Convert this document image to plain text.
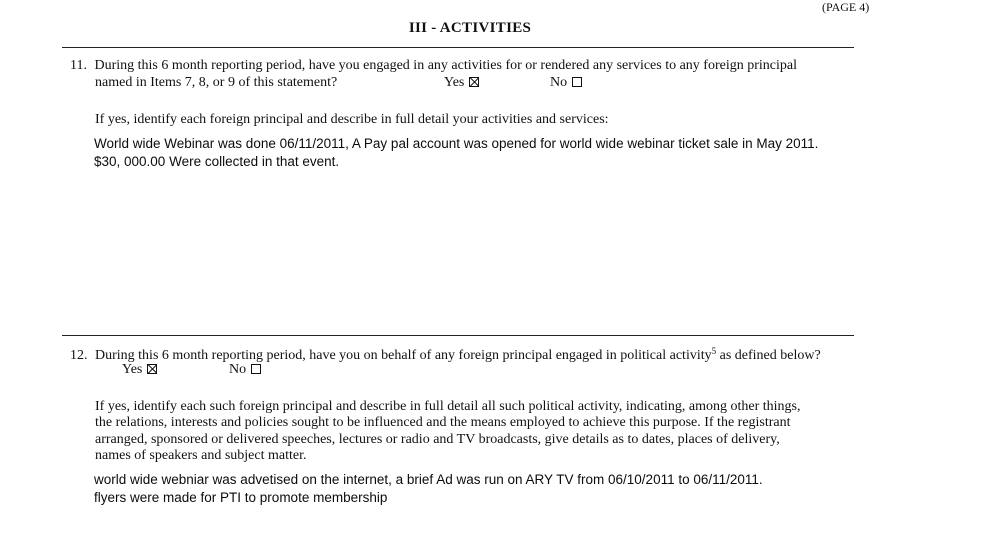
(PAGE 4)
III - ACTIVITIES
11. During this 6 month reporting period, have you engaged in any activities for or rendered any services to any foreign principal
named in Items 7, 8, or 9 of this statement?	Yes	No
If yes, identify each foreign principal and describe in full detail your activities and services:
World wide Webinar was done 06/11/2011, A Pay pal account was opened for world wide webinar ticket sale in May 2011.
$30, 000.00 Were collected in that event.
12. During this 6 month reporting period, have you on behalf of any foreign principal engaged in political activity$^5$ as defined below?
Yes	No
If yes, identify each such foreign principal and describe in full detail all such political activity, indicating, among other things,
the relations, interests and policies sought to be influenced and the means employed to achieve this purpose. If the registrant
arranged, sponsored or delivered speeches, lectures or radio and TV broadcasts, give details as to dates, places of delivery,
names of speakers and subject matter.
world wide webniar was advetised on the internet, a brief Ad was run on ARY TV from 06/10/2011 to 06/11/2011.
flyers were made for PTI to promote membership
